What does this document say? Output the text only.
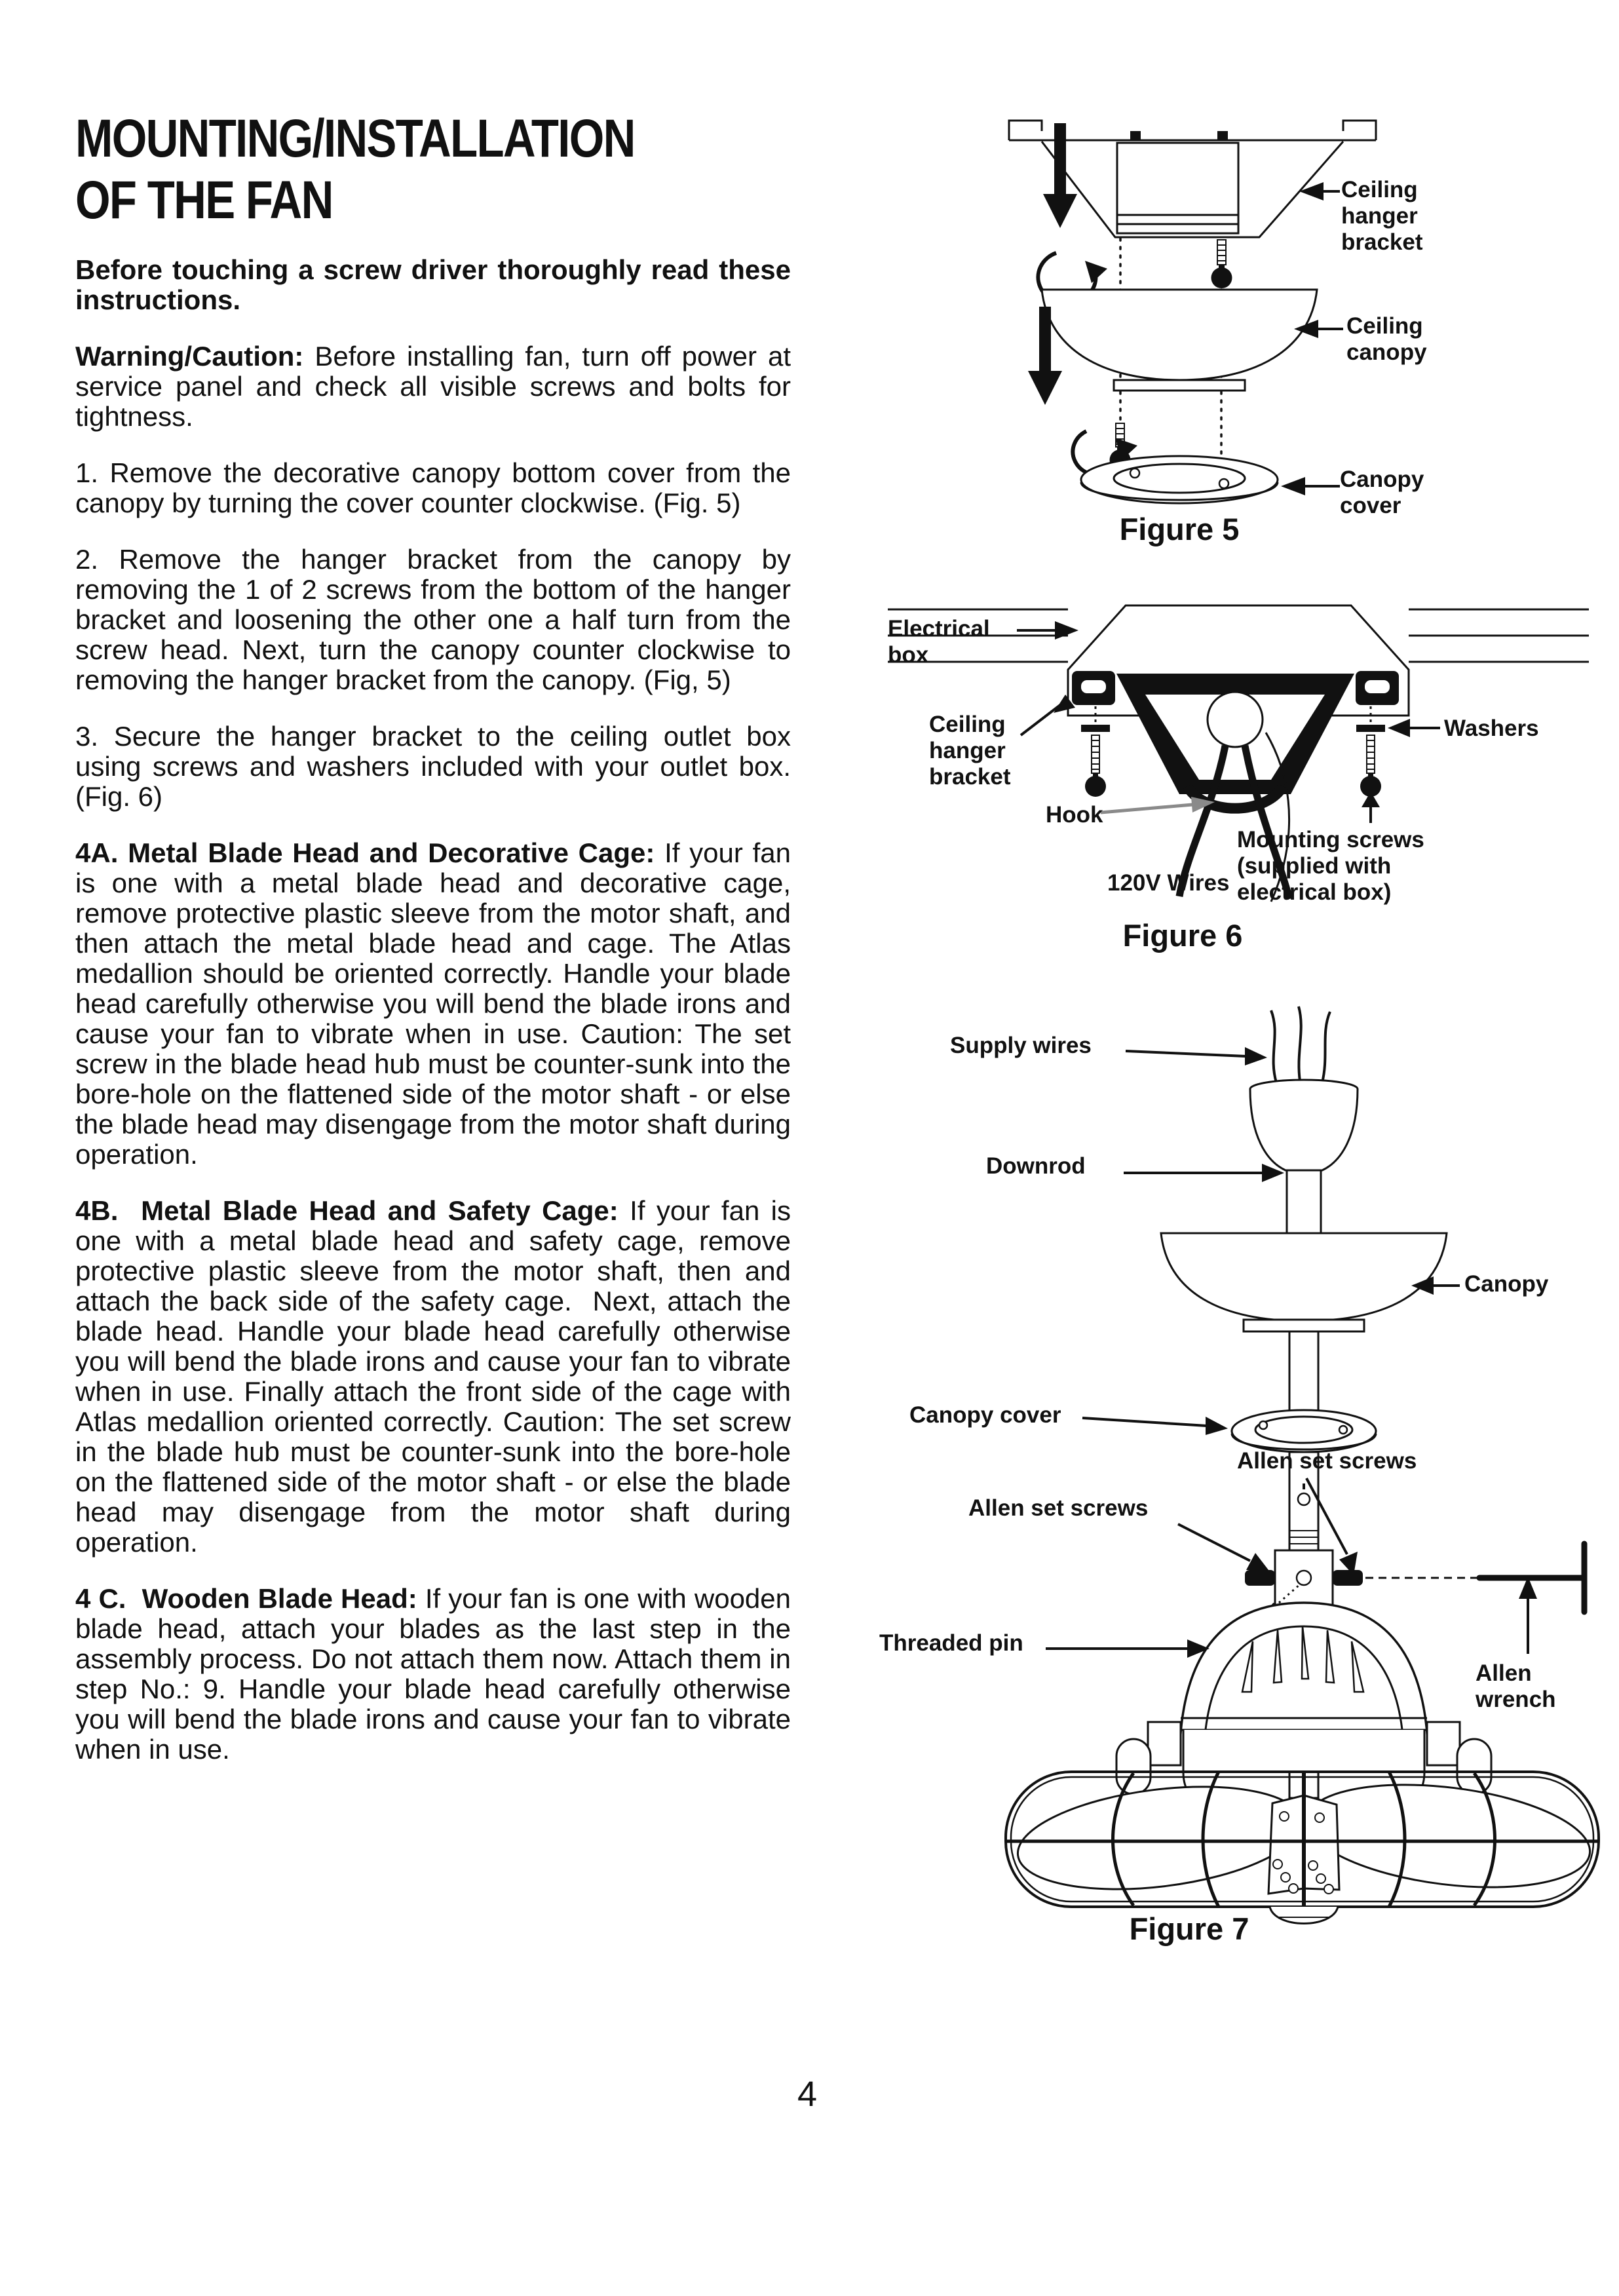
MOUNTING/INSTALLATION
OF THE FAN

Before touching a screw driver thoroughly read these instructions.

Warning/Caution: Before installing fan, turn off power at service panel and check all visible screws and bolts for tightness.

1. Remove the decorative canopy bottom cover from the canopy by turning the cover counter clockwise. (Fig. 5)

2. Remove the hanger bracket from the canopy by removing the 1 of 2 screws from the bottom of the hanger bracket and loosening the other one a half turn from the screw head. Next, turn the canopy counter clockwise to removing the hanger bracket from the canopy. (Fig, 5)

3. Secure the hanger bracket to the ceiling outlet box using screws and washers included with your outlet box. (Fig. 6)

4A. Metal Blade Head and Decorative Cage: If your fan is one with a metal blade head and decorative cage, remove protective plastic sleeve from the motor shaft, and then attach the metal blade head and cage. The Atlas medallion should be oriented correctly. Handle your blade head carefully otherwise you will bend the blade irons and cause your fan to vibrate when in use. Caution: The set screw in the blade head hub must be counter-sunk into the bore-hole on the flattened side of the motor shaft - or else the blade head may disengage from the motor shaft during operation.

4B.  Metal Blade Head and Safety Cage: If your fan is one with a metal blade head and safety cage, remove protective plastic sleeve from the motor shaft, then and attach the back side of the safety cage.  Next, attach the blade head. Handle your blade head carefully otherwise you will bend the blade irons and cause your fan to vibrate when in use. Finally attach the front side of the cage with Atlas medallion oriented correctly. Caution: The set screw in the blade hub must be counter-sunk into the bore-hole on the flattened side of the motor shaft - or else the blade head may disengage from the motor shaft during operation.

4 C.  Wooden Blade Head: If your fan is one with wooden blade head, attach your blades as the last step in the assembly process. Do not attach them now. Attach them in step No.: 9. Handle your blade head carefully otherwise you will bend the blade irons and cause your fan to vibrate when in use.

Ceiling hanger bracket
Ceiling canopy
Canopy cover
Figure 5
Electrical box
Ceiling hanger bracket
Hook
120V Wires
Washers
Mounting screws (supplied with electrical box)
Figure 6
Supply wires
Downrod
Canopy
Canopy cover
Allen set screws
Allen set screws
Threaded pin
Allen wrench
Figure 7
4
